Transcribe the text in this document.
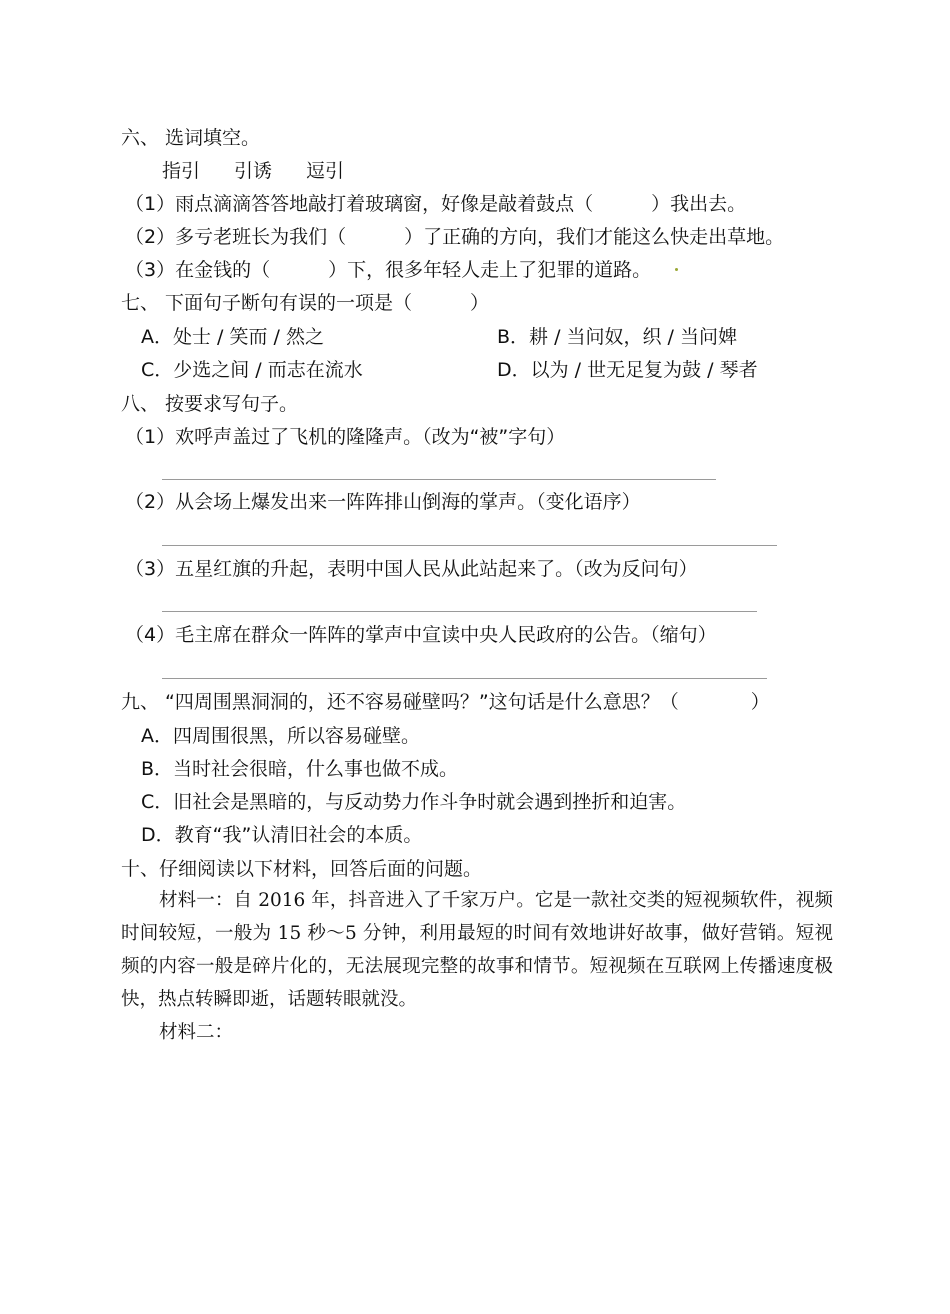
六、 选词填空。
指引 引诱 逗引
（1）雨点滴滴答答地敲打着玻璃窗，好像是敲着鼓点（	）我出去。
（2）多亏老班长为我们（	）了正确的方向，我们才能这么快走出草地。
（3）在金钱的（	）下，很多年轻人走上了犯罪的道路。
七、 下面句子断句有误的一项是（	）
A．处士 / 笑而 / 然之	B．耕 / 当问奴，织 / 当问婢
C．少选之间 / 而志在流水	D．以为 / 世无足复为鼓 / 琴者
八、 按要求写句子。
（1）欢呼声盖过了飞机的隆隆声。（改为“被”字句）
（2）从会场上爆发出来一阵阵排山倒海的掌声。（变化语序）
（3）五星红旗的升起，表明中国人民从此站起来了。（改为反问句）
（4）毛主席在群众一阵阵的掌声中宣读中央人民政府的公告。（缩句）
九、 “四周围黑洞洞的，还不容易碰壁吗？”这句话是什么意思？（	）
A．四周围很黑，所以容易碰壁。
B．当时社会很暗，什么事也做不成。
C．旧社会是黑暗的，与反动势力作斗争时就会遇到挫折和迫害。
D．教育“我”认清旧社会的本质。
十、仔细阅读以下材料，回答后面的问题。
材料一：自 2016 年，抖音进入了千家万户。它是一款社交类的短视频软件，视频时间较短，一般为 15 秒～5 分钟，利用最短的时间有效地讲好故事，做好营销。短视频的内容一般是碎片化的，无法展现完整的故事和情节。短视频在互联网上传播速度极快，热点转瞬即逝，话题转眼就没。
材料二：
